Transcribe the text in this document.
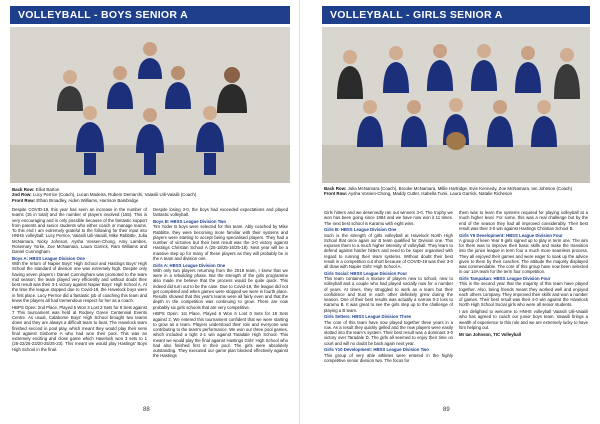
VOLLEYBALL - BOYS SENIOR A
Back Row: Elliot Barton
2nd Row: Lucy Perrice (Coach), Lucan Madeira, Rubem Demarchi, Vaiasili Uili-Vaiaiili (Coach)
Front Row: Ethan Broadley, Aiden Williams, Harrison Bainbridge

Despite COVID-19, this year has seen an increase in the number of teams (15 in total) and the number of players involved (155). This is very encouraging and is only possible because of the fantastic support from parents and senior students who either coach or manage teams. To this end I am extremely grateful to the following for their input into HNHS volleyball: Lucy Perrice, Vaiasili Uili-Vaiaiili, Mike Rabbitte, Julia McNamara, Nicky Johnson, Aysha Vossen-Chong, Amy Lambes, Rosemary Yorke, Zoe McNamara, Laura Garrick, Ram Williams and Daniel Cunningham.

Boys A: HBSS League Division One

With the return of Napier Boys' High School and Hastings Boys' High School the standard of division one was extremely high. Despite only having seven players I Daniel Cunningham was promoted to the team mid season; the team played very efficiently and without doubt their best result was their 3-1 victory against Napier Boys' High School A. At the time the league stopped due to Covid-19, the Havelock boys were in first place. Lucy Perrice did a fantastic job of coaching this team and knew the players all had tremendous respect for her as a coach.

HBPS Open: 2nd Place, Played 5 Won 3 Lost 2 Sets for 9 Sets against 7 This tournament was held at Rodney Green Centennial Events Centre. As usual, Calaborne Boys' High School brought two teams down and they are always a difficult team to beat. The Havelock team finished second in pool play, which meant they would play their semi final against Gisborne A who had won their pool. This was an extremely exciting and close game which Havelock won 3 sets to 1 (25-22/25-23/20-25/25-23). This meant we would play Hastings' Boys High School in the final.

Despite losing 3-0, the boys had exceeded expectations and played fantastic volleyball.

Boys B: HBSS League Division Two

Tim Yoder B boys were selected for this team. Ably coached by Mike Rabbitte, they were becoming more familiar with their systems and players were starting to accept being specialised players. They had a number of victories but their best result was the 3-0 victory against Hastings Christian School A (25-18/25-16/25-18). Next year will be a massive step up for many of these players as they will probably be in the A team and division one.

Girls A: HBSS League Division One

With only two players returning from the 2019 team, I knew that we were in a rebuilding phase. But the strength of the girls programme also made me believe that the process would be quite quick. This indeed did turn out to be the case. Due to Covid-19, the league did not get completed and when games were stopped we were in fourth place. Results showed that this year's teams were all fairly even and that the depth in the competition was continuing to grow. There are now probably six girls schools that are very competitive.

HBPS Open: 1st Place, Played 6 Won 6 Lost 0 Sets for 18 Sets against 2. We entered this tournament confident that we were starting to grow as a team. Players understood their role and everyone was contributing to the team's performance. We won our three pool games, which included a tight 2-1 win against Taradale High School. This meant we would play the final against Hastings Girls' High School who had also finished first in their pool. The girls were absolutely outstanding. They executed our game plan blocked effectively against the Hastings

88
VOLLEYBALL - GIRLS SENIOR A
Back Row: Julia McNamara (Coach), Brooke McNamara, Millie Hartridge, Evie Kennedy, Zoe McNamara, Ian Johnson (Coach)
Front Row: Aysha Vossen-Chong, Maddy Cutter, Isabella Turei, Laura Garrick, Natalie Richeson

Girls hitters and we deservedly ran out winners 3-0. The trophy we won has been going since 1984 and we have now won it 11 times. The next best school is Karamu with eight wins.

Girls B: HBSS League Division One

Such is the strength of girls volleyball at Havelock North High School that once again our B team qualified for Division one. This exposes them to a much higher intensity of volleyball. They learn to defend against harder hitters and need to be super organised with regard to running their team systems. Without doubt their best result in a competition cut short because of COVID-19 was their 3-0 all draw with Napier Girls' High School A.

Girls Social: HBSS League Division Four

This team contained a mixture of players new to school, new to volleyball and a couple who had played socially now for a number of years. At times, they struggled to work as a team but their confidence and trust in each other definitely grew during the season. One of their best results was actually a narrow 0-2 loss to Karamu B. It was great to see the girls step up to the challenge of playing a B team.

Girls Setters: HBSS League Division Three

The core of this team have now played together three years in a row. As a result they quickly gelled and the new players were easily slotted into the team's system. Their best result was a dominant 3-0 victory over Taradale D. The girls all seemed to enjoy their time on court and will no doubt be back again next year.

Girls Y10 Development: HBSS League Division Two

This group of very able athletes were entered in the highly competitive senior division two. The focus for

them was to learn the systems required for playing volleyball at a much higher level. For some, this was a real challenge but by the end of the season they had all improved considerably. Their best result was their 3-0 win against Hastings Christian School B.

Girls Y9 Development: HBSS League Division Four

A group of keen Year 9 girls signed up to play in term one. The aim for them was to improve their basic skills and make the transition into the junior league in term four a much more seamless process. They all enjoyed their games and were eager to soak up the advice given to them by their coaches. The attitude the majority displayed was commendable. The core of this group have now been selected in our 14A team for the term four competition.

Girls Tampakan: HBSS League Division Four

This is the second year that the majority of this team have played together. Also, being friends meant they worked well and enjoyed each others company. They improved their skills and won a number of games. Their best result was their 4-0 win against the Havelock North High School Social girls who were all senior students.

I am delighted to welcome to HNHS volleyball Vaiasili Uili-Vaiaiili who has agreed to coach our junior boys team. Vaiasili brings a wealth of experience to this role and we are extremely lucky to have him helping out.

Mr Ian Johnson, TIC Volleyball
89
